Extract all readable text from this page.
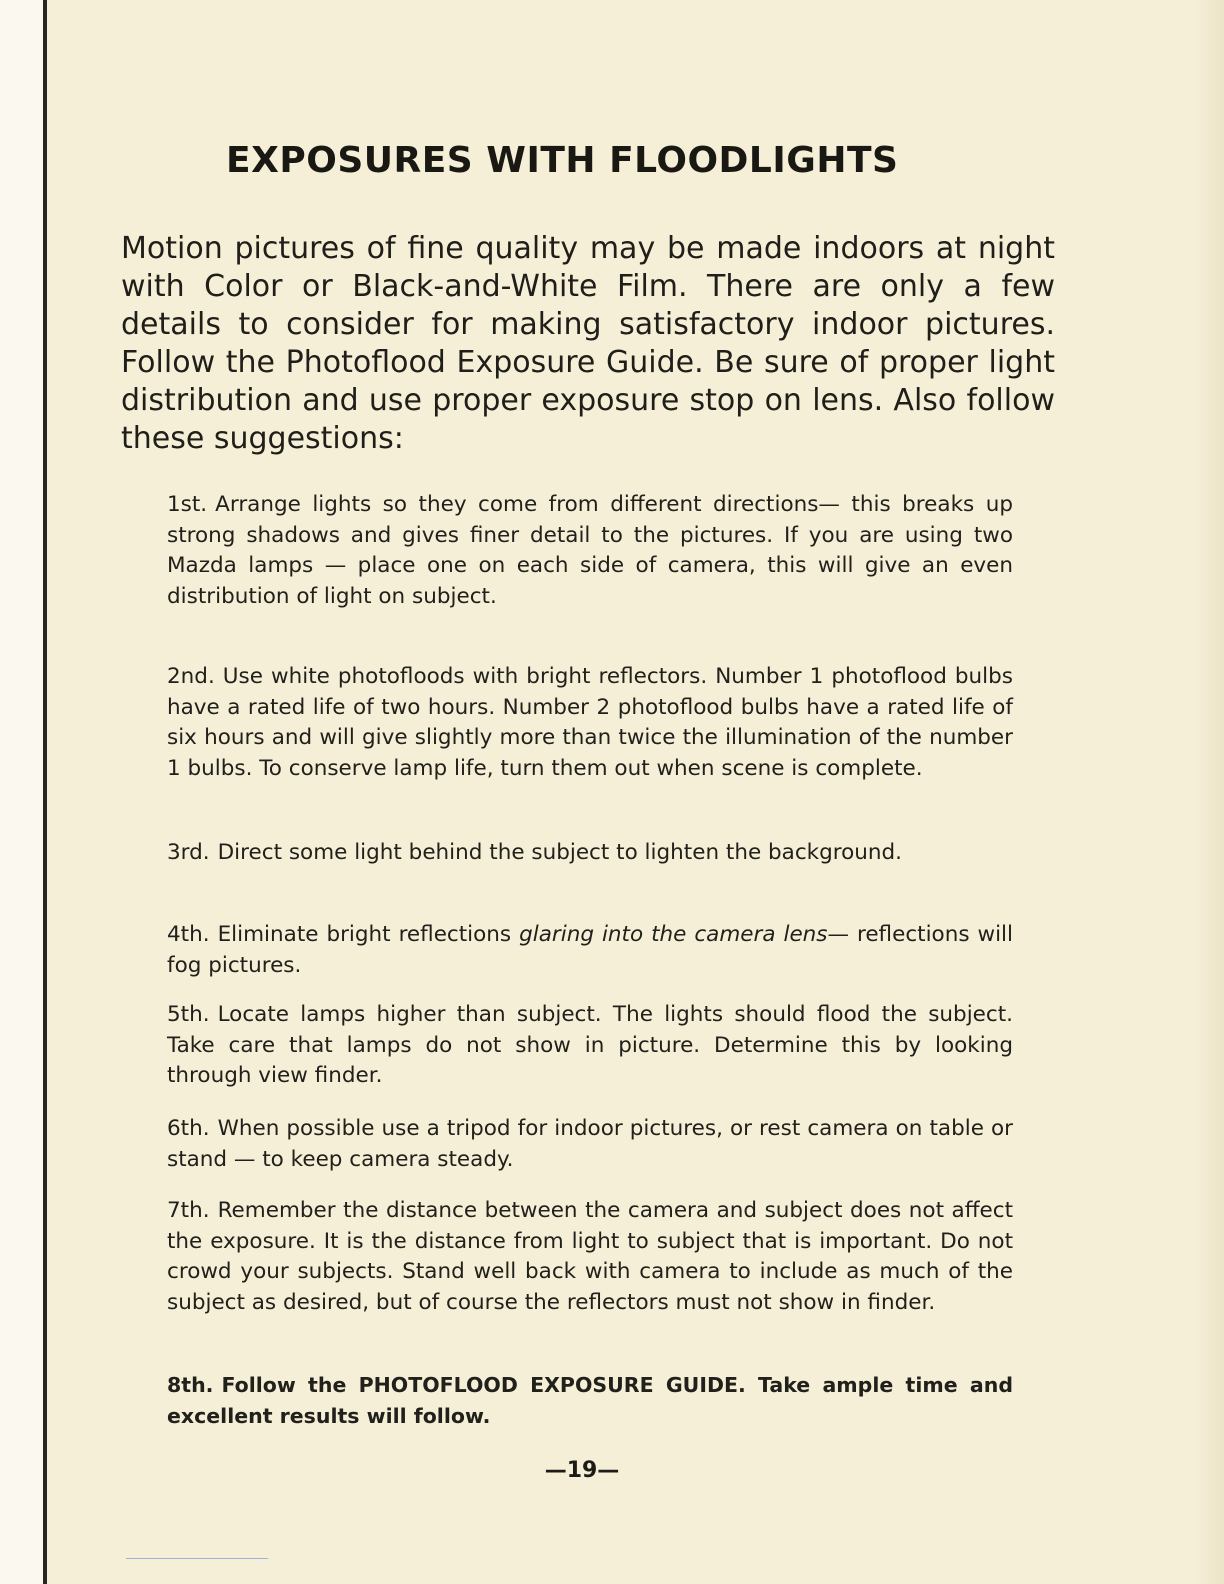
EXPOSURES WITH FLOODLIGHTS

Motion pictures of fine quality may be made indoors at night with Color or Black-and-White Film. There are only a few details to consider for making satisfactory indoor pictures. Follow the Photoflood Exposure Guide. Be sure of proper light distribution and use proper exposure stop on lens. Also follow these suggestions:

1st. Arrange lights so they come from different directions— this breaks up strong shadows and gives finer detail to the pictures. If you are using two Mazda lamps — place one on each side of camera, this will give an even distribution of light on subject.

2nd. Use white photofloods with bright reflectors. Number 1 photoflood bulbs have a rated life of two hours. Number 2 photoflood bulbs have a rated life of six hours and will give slightly more than twice the illumination of the number 1 bulbs. To conserve lamp life, turn them out when scene is complete.

3rd. Direct some light behind the subject to lighten the background.

4th. Eliminate bright reflections glaring into the camera lens— reflections will fog pictures.

5th. Locate lamps higher than subject. The lights should flood the subject. Take care that lamps do not show in picture. Determine this by looking through view finder.

6th. When possible use a tripod for indoor pictures, or rest camera on table or stand — to keep camera steady.

7th. Remember the distance between the camera and subject does not affect the exposure. It is the distance from light to subject that is important. Do not crowd your subjects. Stand well back with camera to include as much of the subject as desired, but of course the reflectors must not show in finder.

8th. Follow the PHOTOFLOOD EXPOSURE GUIDE. Take ample time and excellent results will follow.

—19—
